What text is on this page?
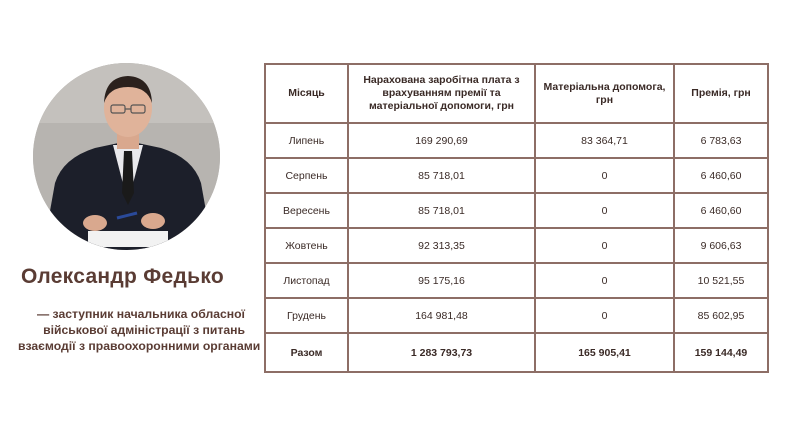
Олександр Федько
— заступник начальника обласної
військової адміністрації з питань
взаємодії з правоохоронними органами
Місяць	Нарахована заробітна плата з врахуванням премії та матеріальної допомоги, грн	Матеріальна допомога, грн	Премія, грн
Липень	169 290,69	83 364,71	6 783,63
Серпень	85 718,01	0	6 460,60
Вересень	85 718,01	0	6 460,60
Жовтень	92 313,35	0	9 606,63
Листопад	95 175,16	0	10 521,55
Грудень	164 981,48	0	85 602,95
Разом	1 283 793,73	165 905,41	159 144,49
